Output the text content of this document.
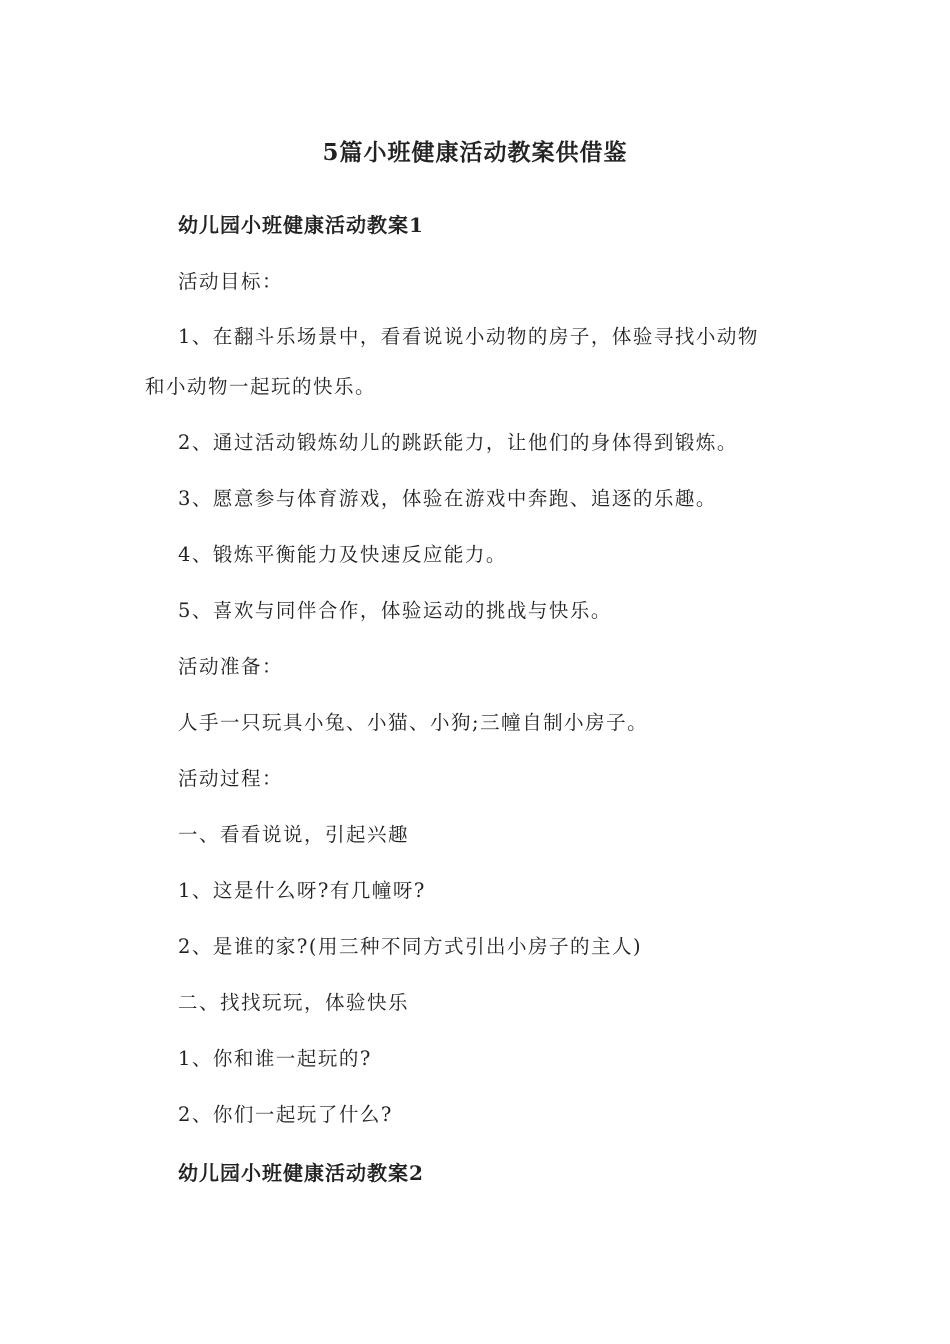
5篇小班健康活动教案供借鉴

幼儿园小班健康活动教案1

活动目标：

1、在翻斗乐场景中，看看说说小动物的房子，体验寻找小动物

和小动物一起玩的快乐。

2、通过活动锻炼幼儿的跳跃能力，让他们的身体得到锻炼。

3、愿意参与体育游戏，体验在游戏中奔跑、追逐的乐趣。

4、锻炼平衡能力及快速反应能力。

5、喜欢与同伴合作，体验运动的挑战与快乐。

活动准备：

人手一只玩具小兔、小猫、小狗;三幢自制小房子。

活动过程：

一、看看说说，引起兴趣

1、这是什么呀?有几幢呀?

2、是谁的家?(用三种不同方式引出小房子的主人)

二、找找玩玩，体验快乐

1、你和谁一起玩的?

2、你们一起玩了什么?

幼儿园小班健康活动教案2
